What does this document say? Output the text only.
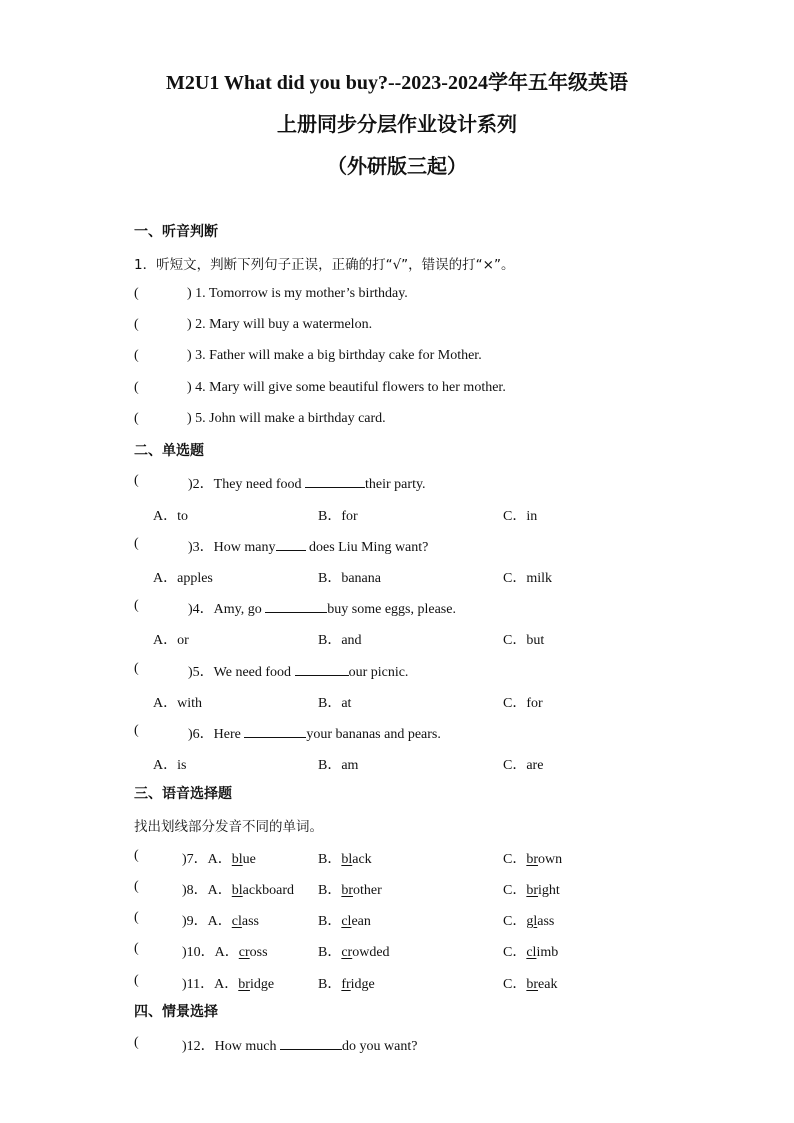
M2U1 What did you buy?--2023-2024学年五年级英语
上册同步分层作业设计系列
（外研版三起）
一、听音判断
1．听短文，判断下列句子正误，正确的打“√”，错误的打“×”。
(	) 1. Tomorrow is my mother’s birthday.
(	) 2. Mary will buy a watermelon.
(	) 3. Father will make a big birthday cake for Mother.
(	) 4. Mary will give some beautiful flowers to her mother.
(	) 5. John will make a birthday card.
二、单选题
(	)2．They need food	their party.
A．to	B．for	C．in
(	)3．How many does Liu Ming want?
A．apples	B．banana	C．milk
(	)4．Amy, go	buy some eggs, please.
A．or	B．and	C．but
(	)5．We need food	our picnic.
A．with	B．at	C．for
(	)6．Here	your bananas and pears.
A．is	B．am	C．are
三、语音选择题
找出划线部分发音不同的单词。
(	)7．A．blue	B．black	C．brown
(	)8．A．blackboard B．brother	C．bright
(	)9．A．class	B．clean	C．glass
(	)10．A．cross	B．crowded	C．climb
(	)11．A．bridge	B．fridge	C．break
四、情景选择
(	)12．How much	do you want?
